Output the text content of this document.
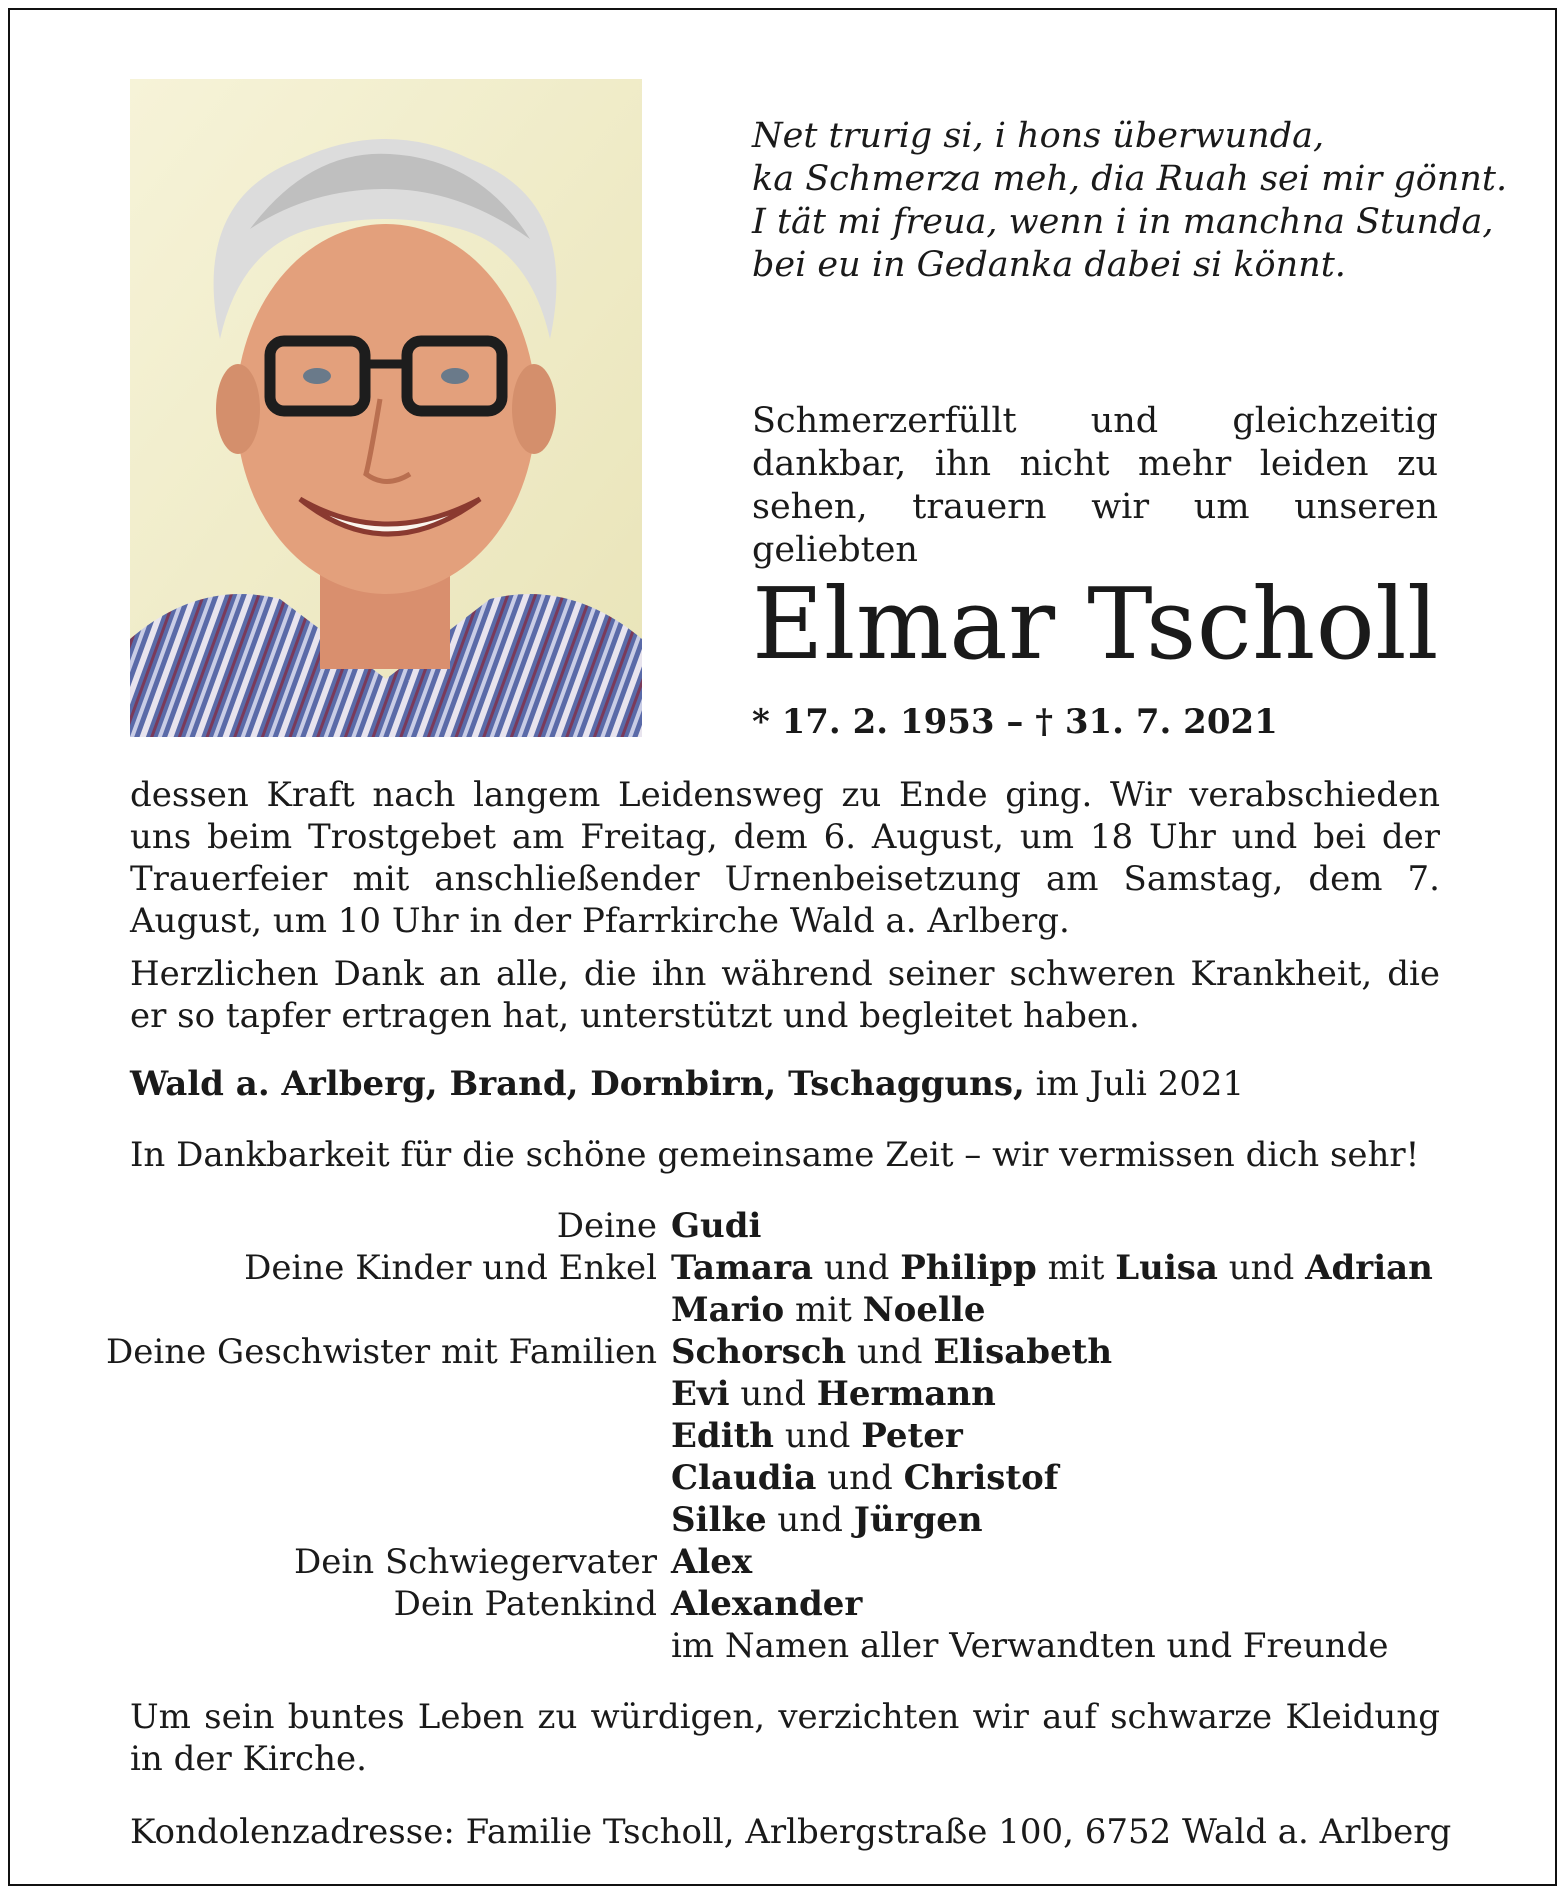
Net trurig si, i hons überwunda,
ka Schmerza meh, dia Ruah sei mir gönnt.
I tät mi freua, wenn i in manchna Stunda,
bei eu in Gedanka dabei si könnt.
Schmerzerfüllt und gleichzeitig dankbar, ihn nicht mehr leiden zu sehen, trauern wir um unseren geliebten
Elmar Tscholl
* 17. 2. 1953 – † 31. 7. 2021
dessen Kraft nach langem Leidensweg zu Ende ging. Wir verabschieden uns beim Trostgebet am Freitag, dem 6. August, um 18 Uhr und bei der Trauerfeier mit anschließender Urnenbeisetzung am Samstag, dem 7. August, um 10 Uhr in der Pfarrkirche Wald a. Arlberg.
Herzlichen Dank an alle, die ihn während seiner schweren Krankheit, die er so tapfer ertragen hat, unterstützt und begleitet haben.
Wald a. Arlberg, Brand, Dornbirn, Tschagguns, im Juli 2021
In Dankbarkeit für die schöne gemeinsame Zeit – wir vermissen dich sehr!
Deine Gudi
Deine Kinder und Enkel Tamara und Philipp mit Luisa und Adrian
Mario mit Noelle
Deine Geschwister mit Familien Schorsch und Elisabeth
Evi und Hermann
Edith und Peter
Claudia und Christof
Silke und Jürgen
Dein Schwiegervater Alex
Dein Patenkind Alexander
im Namen aller Verwandten und Freunde
Um sein buntes Leben zu würdigen, verzichten wir auf schwarze Kleidung in der Kirche.
Kondolenzadresse: Familie Tscholl, Arlbergstraße 100, 6752 Wald a. Arlberg
